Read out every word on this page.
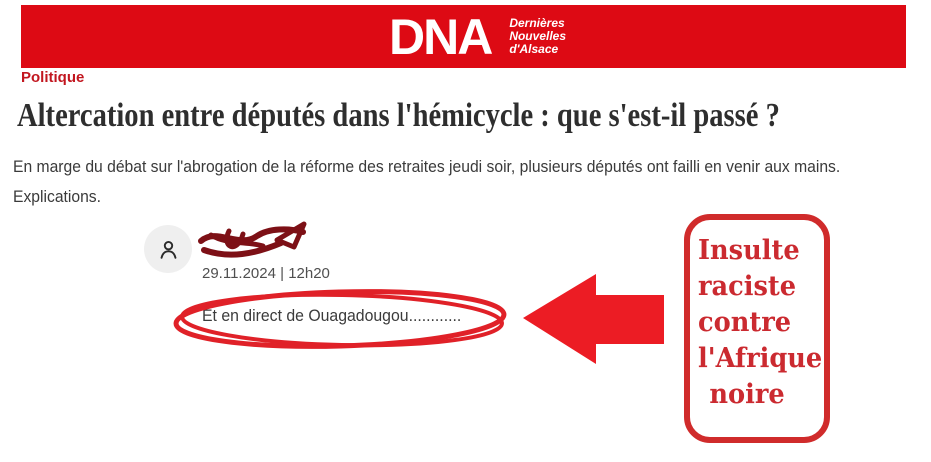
DNA Dernières
Nouvelles
d'Alsace
Politique
Altercation entre députés dans l'hémicycle : que s'est-il passé ?

En marge du débat sur l'abrogation de la réforme des retraites jeudi soir, plusieurs députés ont failli en venir aux mains.
Explications.

29.11.2024 | 12h20
Et en direct de Ouagadougou............
Insulte
raciste
contre
l'Afrique
noire
